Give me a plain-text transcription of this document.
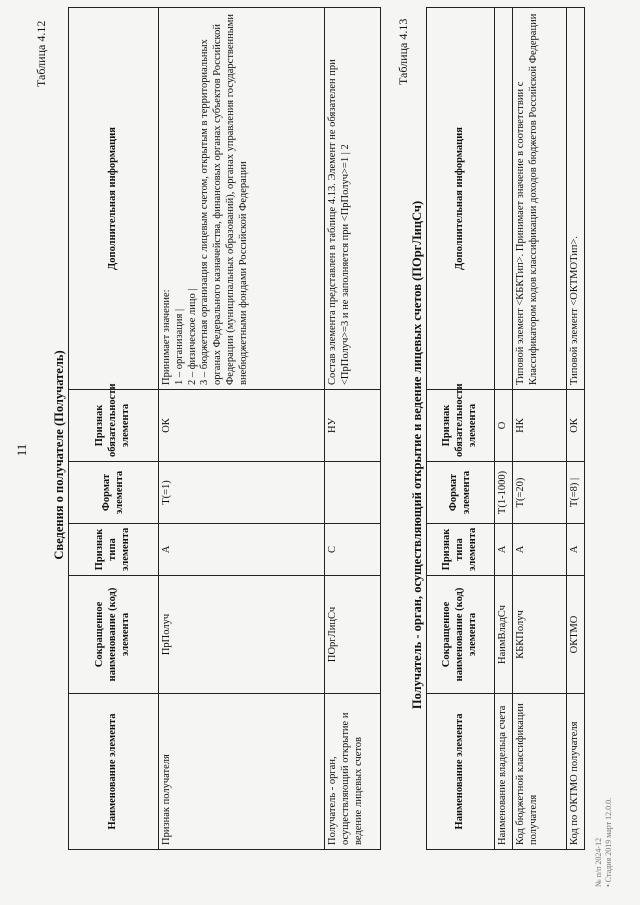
11
Таблица 4.12
Сведения о получателе (Получатель)
Наименование элемента	Сокращенное наименование (код) элемента	Признак типа элемента	Формат элемента	Признак обязательности элемента	Дополнительная информация
Признак получателя	ПрПолуч	А	Т(=1)	ОК	Принимает значение:
1 – организация |
2 – физическое лицо |
3 – бюджетная организация с лицевым счетом, открытым в территориальных органах Федерального казначейства, финансовых органах субъектов Российской Федерации (муниципальных образований), органах управления государственными внебюджетными фондами Российской Федерации
Получатель - орган, осуществляющий открытие и ведение лицевых счетов	ПОргЛицСч	С		НУ	Состав элемента представлен в таблице 4.13. Элемент не обязателен при <ПрПолуч>=3 и не заполняется при <ПрПолуч>=1 | 2
Таблица 4.13
Получатель - орган, осуществляющий открытие и ведение лицевых счетов (ПОргЛицСч)
Наименование элемента	Сокращенное наименование (код) элемента	Признак типа элемента	Формат элемента	Признак обязательности элемента	Дополнительная информация
Наименование владельца счета	НаимВладСч	А	Т(1-1000)	О	
Код бюджетной классификации получателя	КБКПолуч	А	Т(=20)	НК	Типовой элемент <КБКТип>. Принимает значение в соответствии с Классификатором кодов классификации доходов бюджетов Российской Федерации
Код по ОКТМО получателя	ОКТМО	А	Т(=8) |	ОК	Типовой элемент <ОКТМОТип>.
№ п/п 2024-12
• Стадия 2019 март 12.0.0.
